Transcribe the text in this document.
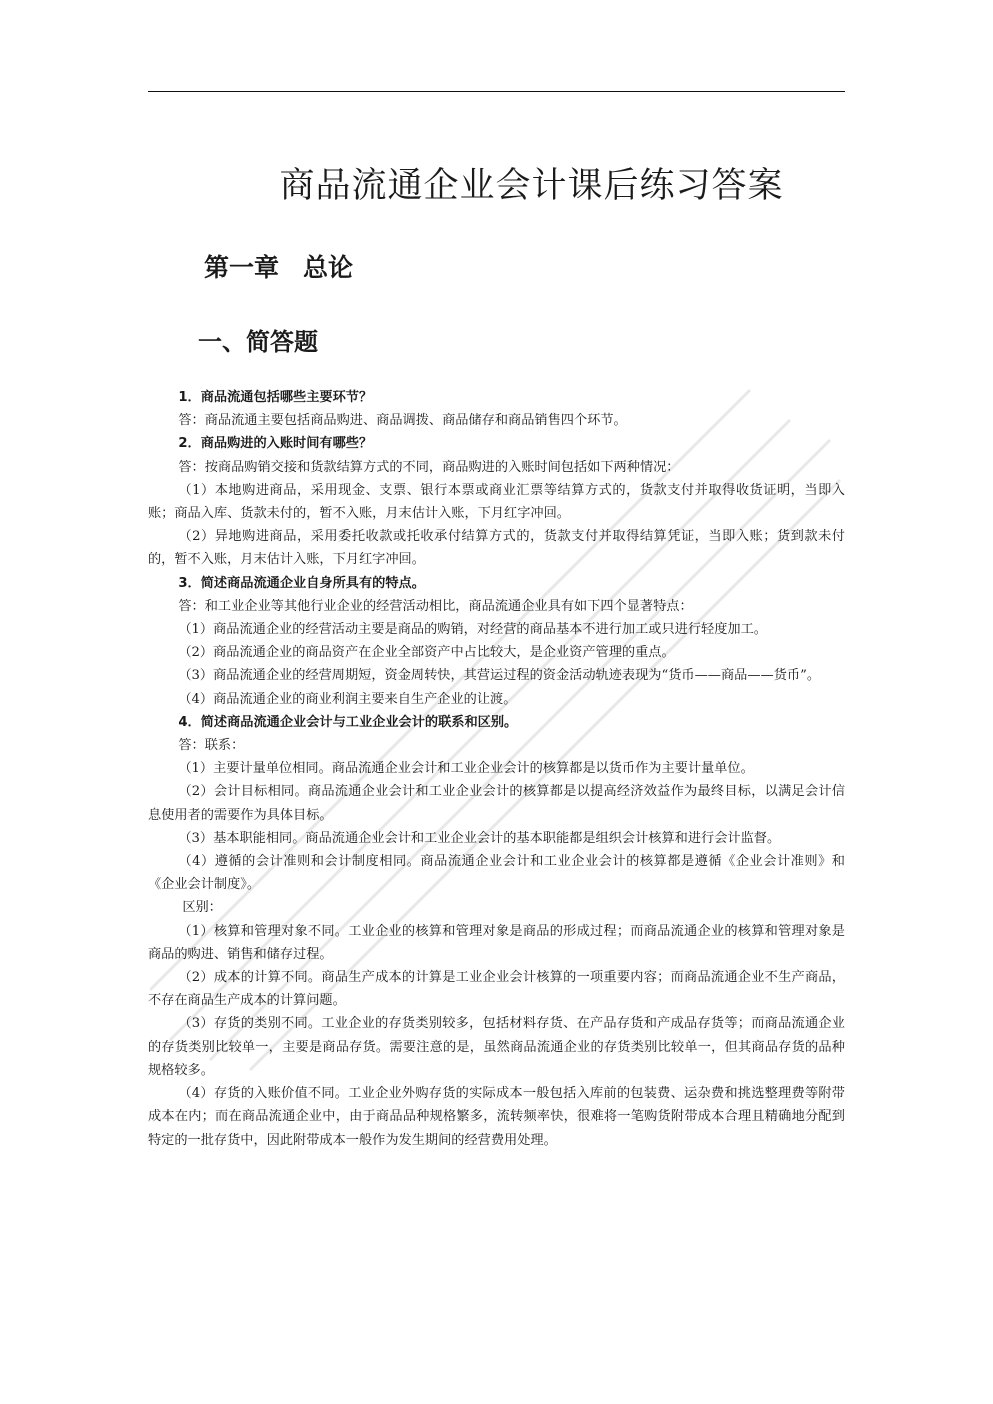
商品流通企业会计课后练习答案
第一章 总论
一、简答题

1．商品流通包括哪些主要环节？

答：商品流通主要包括商品购进、商品调拨、商品储存和商品销售四个环节。

2．商品购进的入账时间有哪些？

答：按商品购销交接和货款结算方式的不同，商品购进的入账时间包括如下两种情况：

（1）本地购进商品，采用现金、支票、银行本票或商业汇票等结算方式的，货款支付并取得收货证明，当即入账；商品入库、货款未付的，暂不入账，月末估计入账，下月红字冲回。

（2）异地购进商品，采用委托收款或托收承付结算方式的，货款支付并取得结算凭证，当即入账；货到款未付的，暂不入账，月末估计入账，下月红字冲回。

3．简述商品流通企业自身所具有的特点。

答：和工业企业等其他行业企业的经营活动相比，商品流通企业具有如下四个显著特点：

（1）商品流通企业的经营活动主要是商品的购销，对经营的商品基本不进行加工或只进行轻度加工。

（2）商品流通企业的商品资产在企业全部资产中占比较大，是企业资产管理的重点。

（3）商品流通企业的经营周期短，资金周转快，其营运过程的资金活动轨迹表现为“货币——商品——货币”。

（4）商品流通企业的商业利润主要来自生产企业的让渡。

4．简述商品流通企业会计与工业企业会计的联系和区别。

答：联系：

（1）主要计量单位相同。商品流通企业会计和工业企业会计的核算都是以货币作为主要计量单位。

（2）会计目标相同。商品流通企业会计和工业企业会计的核算都是以提高经济效益作为最终目标，以满足会计信息使用者的需要作为具体目标。

（3）基本职能相同。商品流通企业会计和工业企业会计的基本职能都是组织会计核算和进行会计监督。

（4）遵循的会计准则和会计制度相同。商品流通企业会计和工业企业会计的核算都是遵循《企业会计准则》和《企业会计制度》。

区别：

（1）核算和管理对象不同。工业企业的核算和管理对象是商品的形成过程；而商品流通企业的核算和管理对象是商品的购进、销售和储存过程。

（2）成本的计算不同。商品生产成本的计算是工业企业会计核算的一项重要内容；而商品流通企业不生产商品，不存在商品生产成本的计算问题。

（3）存货的类别不同。工业企业的存货类别较多，包括材料存货、在产品存货和产成品存货等；而商品流通企业的存货类别比较单一，主要是商品存货。需要注意的是，虽然商品流通企业的存货类别比较单一，但其商品存货的品种规格较多。

（4）存货的入账价值不同。工业企业外购存货的实际成本一般包括入库前的包装费、运杂费和挑选整理费等附带成本在内；而在商品流通企业中，由于商品品种规格繁多，流转频率快，很难将一笔购货附带成本合理且精确地分配到特定的一批存货中，因此附带成本一般作为发生期间的经营费用处理。
